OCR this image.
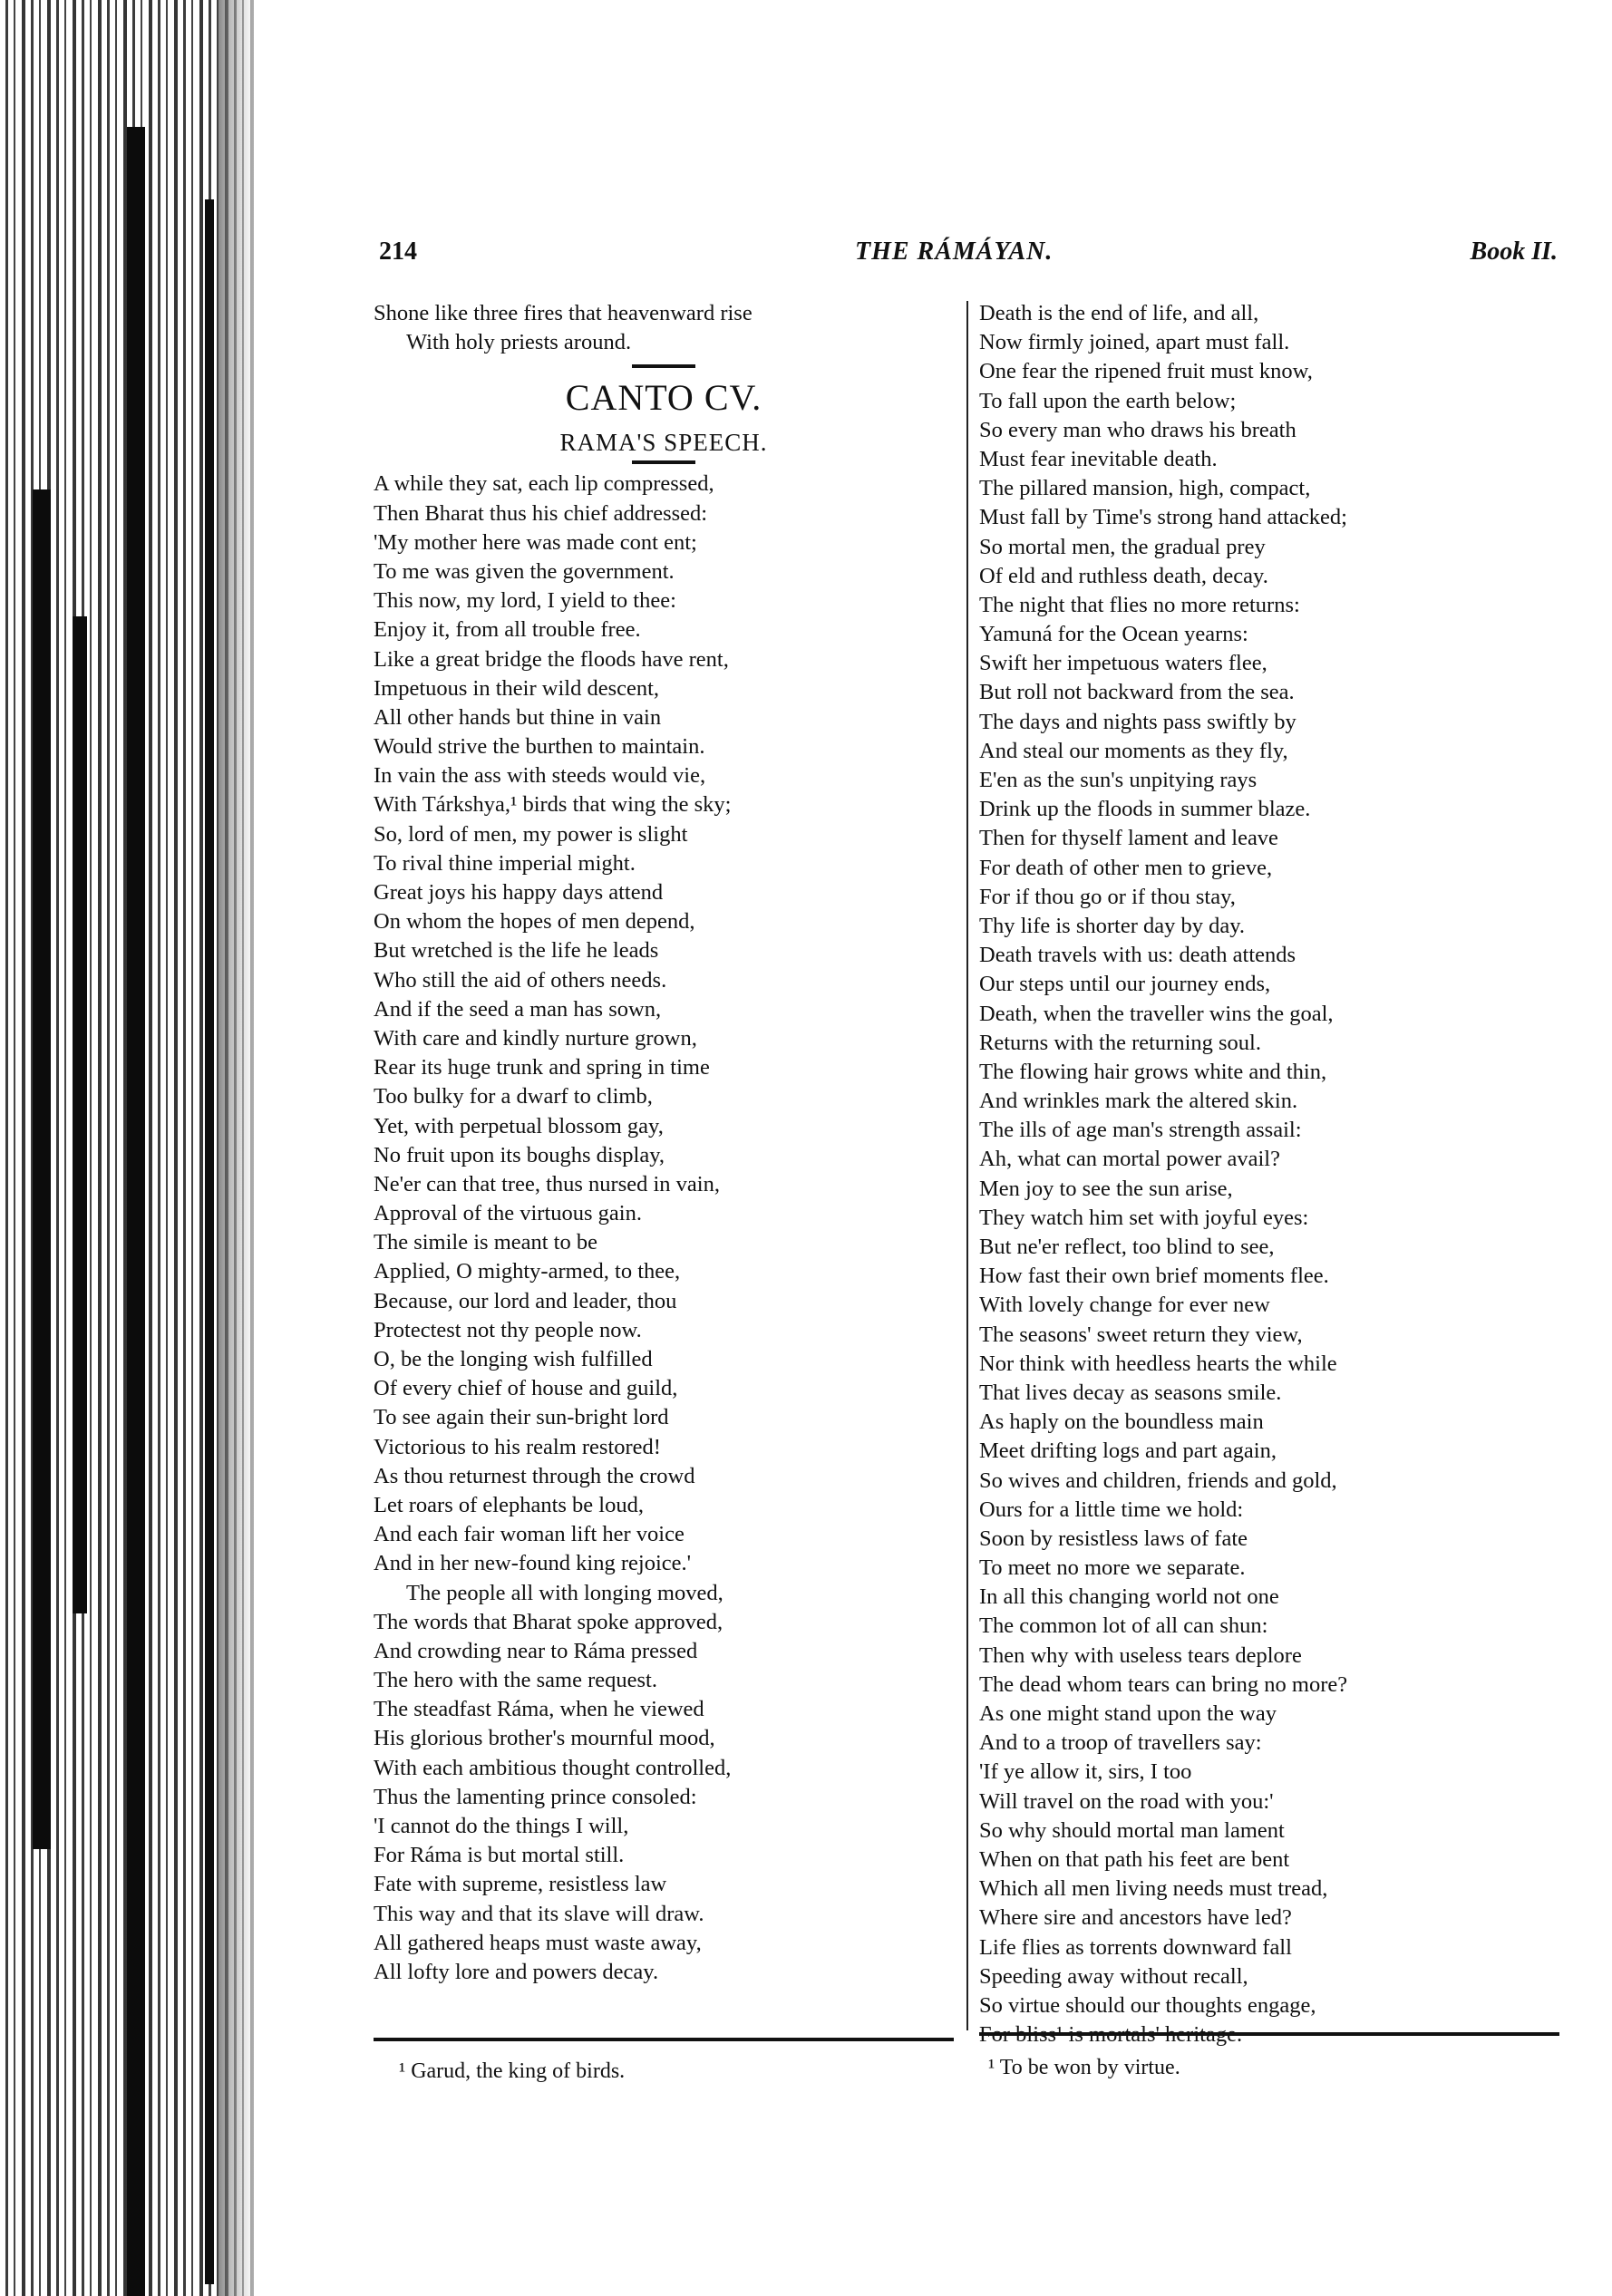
214	THE RÁMÁYAN.	Book II.
Shone like three fires that heavenward rise
With holy priests around.
CANTO CV.
RAMA'S SPEECH.
A while they sat, each lip compressed,
Then Bharat thus his chief addressed:
'My mother here was made cont ent;
To me was given the government.
This now, my lord, I yield to thee:
Enjoy it, from all trouble free.
Like a great bridge the floods have rent,
Impetuous in their wild descent,
All other hands but thine in vain
Would strive the burthen to maintain.
In vain the ass with steeds would vie,
With Tárkshya,¹ birds that wing the sky;
So, lord of men, my power is slight
To rival thine imperial might.
Great joys his happy days attend
On whom the hopes of men depend,
But wretched is the life he leads
Who still the aid of others needs.
And if the seed a man has sown,
With care and kindly nurture grown,
Rear its huge trunk and spring in time
Too bulky for a dwarf to climb,
Yet, with perpetual blossom gay,
No fruit upon its boughs display,
Ne'er can that tree, thus nursed in vain,
Approval of the virtuous gain.
The simile is meant to be
Applied, O mighty-armed, to thee,
Because, our lord and leader, thou
Protectest not thy people now.
O, be the longing wish fulfilled
Of every chief of house and guild,
To see again their sun-bright lord
Victorious to his realm restored!
As thou returnest through the crowd
Let roars of elephants be loud,
And each fair woman lift her voice
And in her new-found king rejoice.'
The people all with longing moved,
The words that Bharat spoke approved,
And crowding near to Ráma pressed
The hero with the same request.
The steadfast Ráma, when he viewed
His glorious brother's mournful mood,
With each ambitious thought controlled,
Thus the lamenting prince consoled:
'I cannot do the things I will,
For Ráma is but mortal still.
Fate with supreme, resistless law
This way and that its slave will draw.
All gathered heaps must waste away,
All lofty lore and powers decay.
Death is the end of life, and all,
Now firmly joined, apart must fall.
One fear the ripened fruit must know,
To fall upon the earth below;
So every man who draws his breath
Must fear inevitable death.
The pillared mansion, high, compact,
Must fall by Time's strong hand attacked;
So mortal men, the gradual prey
Of eld and ruthless death, decay.
The night that flies no more returns:
Yamuná for the Ocean yearns:
Swift her impetuous waters flee,
But roll not backward from the sea.
The days and nights pass swiftly by
And steal our moments as they fly,
E'en as the sun's unpitying rays
Drink up the floods in summer blaze.
Then for thyself lament and leave
For death of other men to grieve,
For if thou go or if thou stay,
Thy life is shorter day by day.
Death travels with us: death attends
Our steps until our journey ends,
Death, when the traveller wins the goal,
Returns with the returning soul.
The flowing hair grows white and thin,
And wrinkles mark the altered skin.
The ills of age man's strength assail:
Ah, what can mortal power avail?
Men joy to see the sun arise,
They watch him set with joyful eyes:
But ne'er reflect, too blind to see,
How fast their own brief moments flee.
With lovely change for ever new
The seasons' sweet return they view,
Nor think with heedless hearts the while
That lives decay as seasons smile.
As haply on the boundless main
Meet drifting logs and part again,
So wives and children, friends and gold,
Ours for a little time we hold:
Soon by resistless laws of fate
To meet no more we separate.
In all this changing world not one
The common lot of all can shun:
Then why with useless tears deplore
The dead whom tears can bring no more?
As one might stand upon the way
And to a troop of travellers say:
'If ye allow it, sirs, I too
Will travel on the road with you:'
So why should mortal man lament
When on that path his feet are bent
Which all men living needs must tread,
Where sire and ancestors have led?
Life flies as torrents downward fall
Speeding away without recall,
So virtue should our thoughts engage,
¹ Garud, the king of birds.	¹ To be won by virtue.
